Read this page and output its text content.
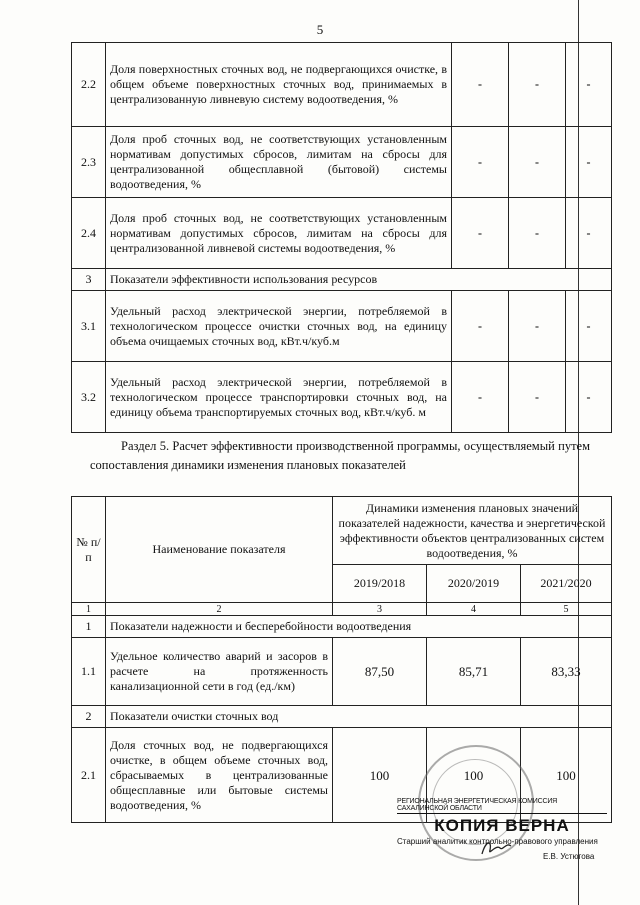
5
2.2	Доля поверхностных сточных вод, не подвергающихся очистке, в общем объеме поверхностных сточных вод, принимаемых в централизованную ливневую систему водоотведения, %	-	-	-
2.3	Доля проб сточных вод, не соответствующих установленным нормативам допустимых сбросов, лимитам на сбросы для централизованной общесплавной (бытовой) системы водоотведения, %	-	-	-
2.4	Доля проб сточных вод, не соответствующих установленным нормативам допустимых сбросов, лимитам на сбросы для централизованной ливневой системы водоотведения, %	-	-	-
3	Показатели эффективности использования ресурсов			
3.1	Удельный расход электрической энергии, потребляемой в технологическом процессе очистки сточных вод, на единицу объема очищаемых сточных вод, кВт.ч/куб.м	-	-	-
3.2	Удельный расход электрической энергии, потребляемой в технологическом процессе транспортировки сточных вод, на единицу объема транспортируемых сточных вод, кВт.ч/куб. м	-	-	-
Раздел 5. Расчет эффективности производственной программы, осуществляемый путем сопоставления динамики изменения плановых показателей
№ п/п	Наименование показателя	Динамики изменения плановых значений показателей надежности, качества и энергетической эффективности объектов централизованных систем водоотведения, %		
		2019/2018	2020/2019	2021/2020
1	2	3	4	5
1	Показатели надежности и бесперебойности водоотведения			
1.1	Удельное количество аварий и засоров в расчете на протяженность канализационной сети в год (ед./км)	87,50	85,71	83,33
2	Показатели очистки сточных вод			
2.1	Доля сточных вод, не подвергающихся очистке, в общем объеме сточных вод, сбрасываемых в централизованные общесплавные или бытовые системы водоотведения, %	100	100	100
РЕГИОНАЛЬНАЯ ЭНЕРГЕТИЧЕСКАЯ КОМИССИЯ САХАЛИНСКОЙ ОБЛАСТИ
КОПИЯ ВЕРНА
Старший аналитик контрольно-правового управления
Е.В. Устюгова
